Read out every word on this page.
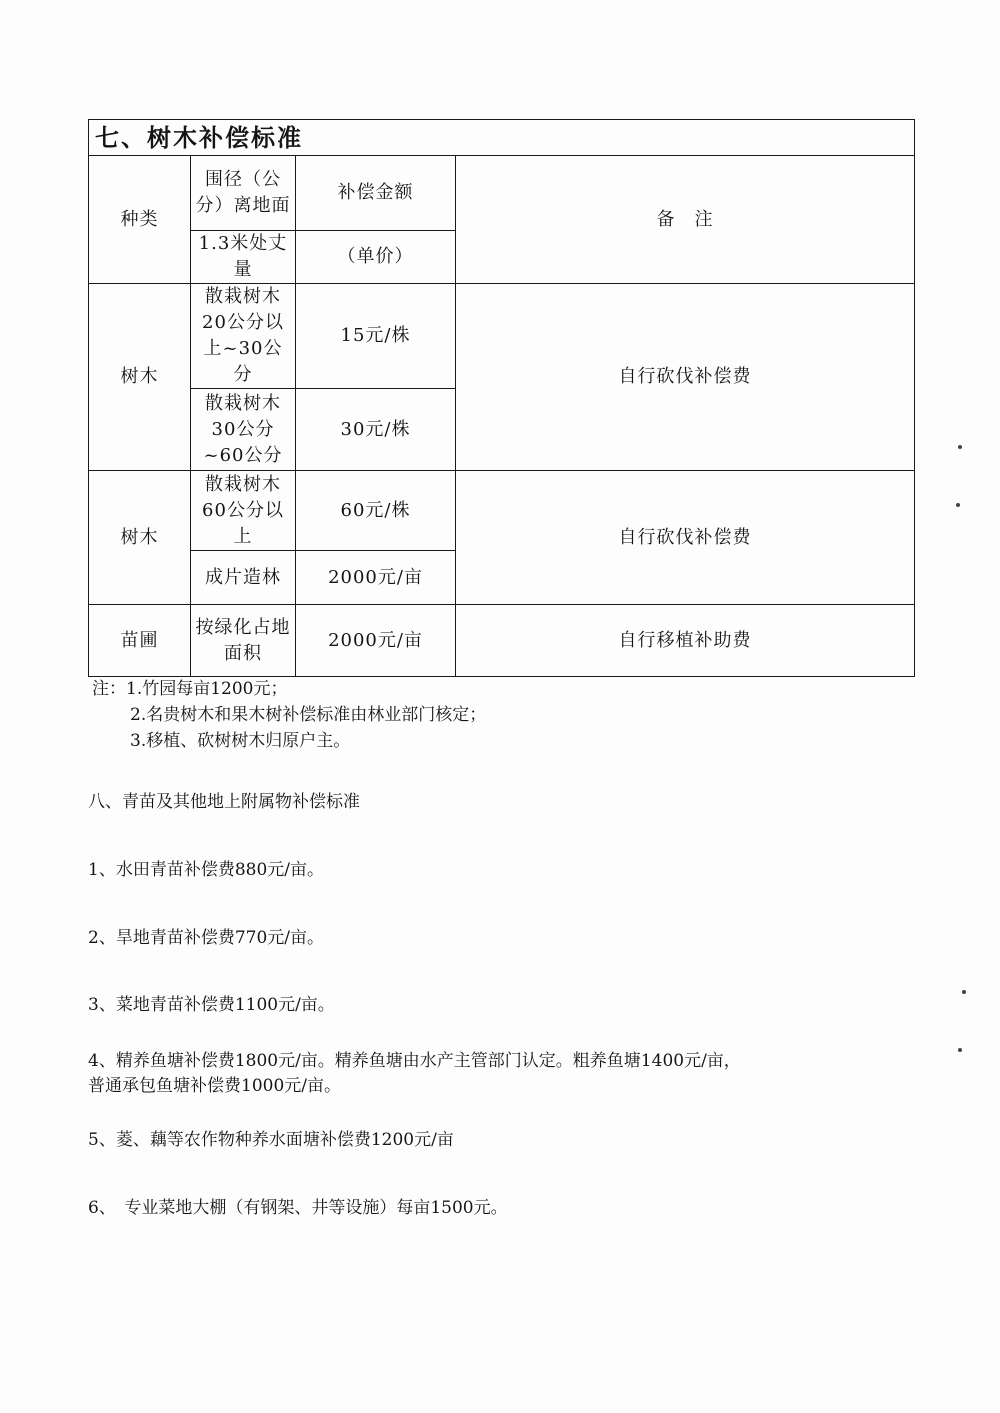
七、树木补偿标准			
种类	围径（公分）离地面	补偿金额	备　注
	1.3米处丈量	（单价）	
树木	散栽树木20公分以上~30公分	15元/株	自行砍伐补偿费
	散栽树木30公分~60公分	30元/株	
树木	散栽树木60公分以上	60元/株	自行砍伐补偿费
	成片造林	2000元/亩	
苗圃	按绿化占地面积	2000元/亩	自行移植补助费
注：1.竹园每亩1200元；
2.名贵树木和果木树补偿标准由林业部门核定；
3.移植、砍树树木归原户主。
八、青苗及其他地上附属物补偿标准
1、水田青苗补偿费880元/亩。
2、旱地青苗补偿费770元/亩。
3、菜地青苗补偿费1100元/亩。
4、精养鱼塘补偿费1800元/亩。精养鱼塘由水产主管部门认定。粗养鱼塘1400元/亩，
普通承包鱼塘补偿费1000元/亩。
5、菱、藕等农作物种养水面塘补偿费1200元/亩
6、　专业菜地大棚（有钢架、井等设施）每亩1500元。
